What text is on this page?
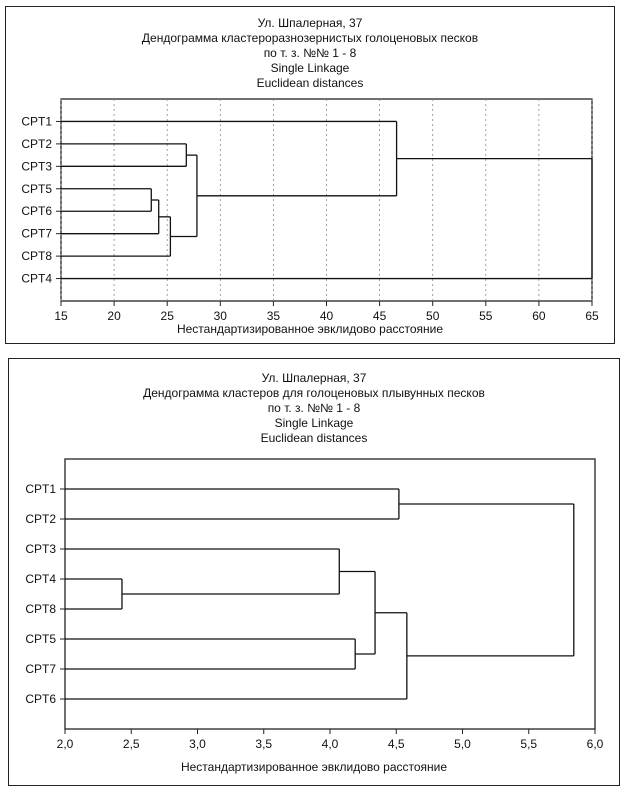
Ул. Шпалерная, 37
Дендограмма кластероразнозернистых голоценовых песков
по т. з. №№ 1 - 8
Single Linkage
Euclidean distances
15	20	25	30	35	40	45	50	55	60	65
CPT1
CPT2
CPT3
CPT5
CPT6
CPT7
CPT8
CPT4
Нестандартизированное эвклидово расстояние
Ул. Шпалерная, 37
Дендограмма кластеров для голоценовых плывунных песков
по т. з. №№ 1 - 8
Single Linkage
Euclidean distances
2,0	2,5	3,0	3,5	4,0	4,5	5,0	5,5	6,0
CPT1
CPT2
CPT3
CPT4
CPT8
CPT5
CPT7
CPT6
Нестандартизированное эвклидово расстояние
